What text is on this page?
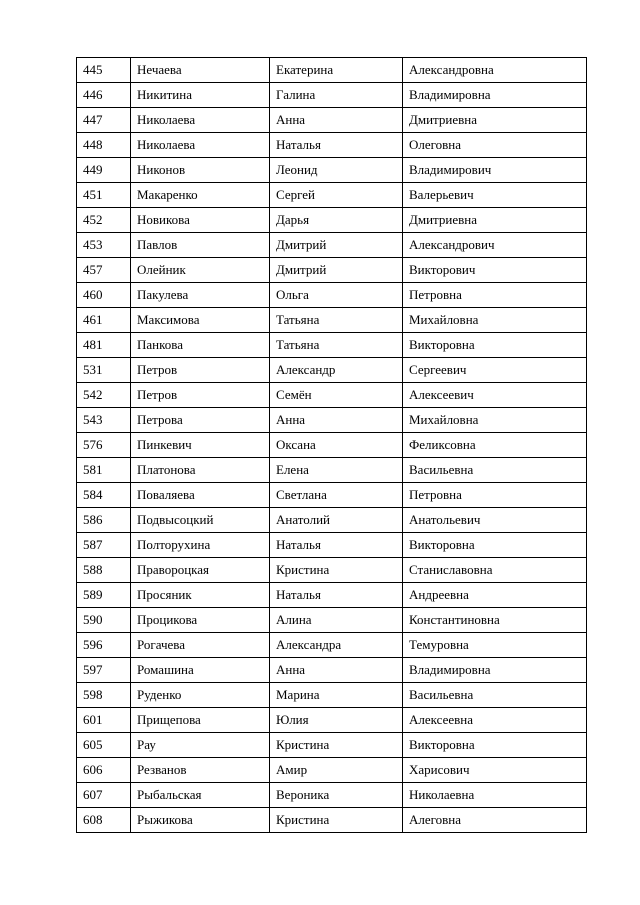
445	Нечаева	Екатерина	Александровна
446	Никитина	Галина	Владимировна
447	Николаева	Анна	Дмитриевна
448	Николаева	Наталья	Олеговна
449	Никонов	Леонид	Владимирович
451	Макаренко	Сергей	Валерьевич
452	Новикова	Дарья	Дмитриевна
453	Павлов	Дмитрий	Александрович
457	Олейник	Дмитрий	Викторович
460	Пакулева	Ольга	Петровна
461	Максимова	Татьяна	Михайловна
481	Панкова	Татьяна	Викторовна
531	Петров	Александр	Сергеевич
542	Петров	Семён	Алексеевич
543	Петрова	Анна	Михайловна
576	Пинкевич	Оксана	Феликсовна
581	Платонова	Елена	Васильевна
584	Поваляева	Светлана	Петровна
586	Подвысоцкий	Анатолий	Анатольевич
587	Полторухина	Наталья	Викторовна
588	Праворoцкая	Кристина	Станиславовна
589	Просяник	Наталья	Андреевна
590	Процикова	Алина	Константиновна
596	Рогачева	Александра	Темуровна
597	Ромашина	Анна	Владимировна
598	Руденко	Марина	Васильевна
601	Прищепова	Юлия	Алексеевна
605	Рау	Кристина	Викторовна
606	Резванов	Амир	Харисович
607	Рыбальская	Вероника	Николаевна
608	Рыжикова	Кристина	Алеговна
